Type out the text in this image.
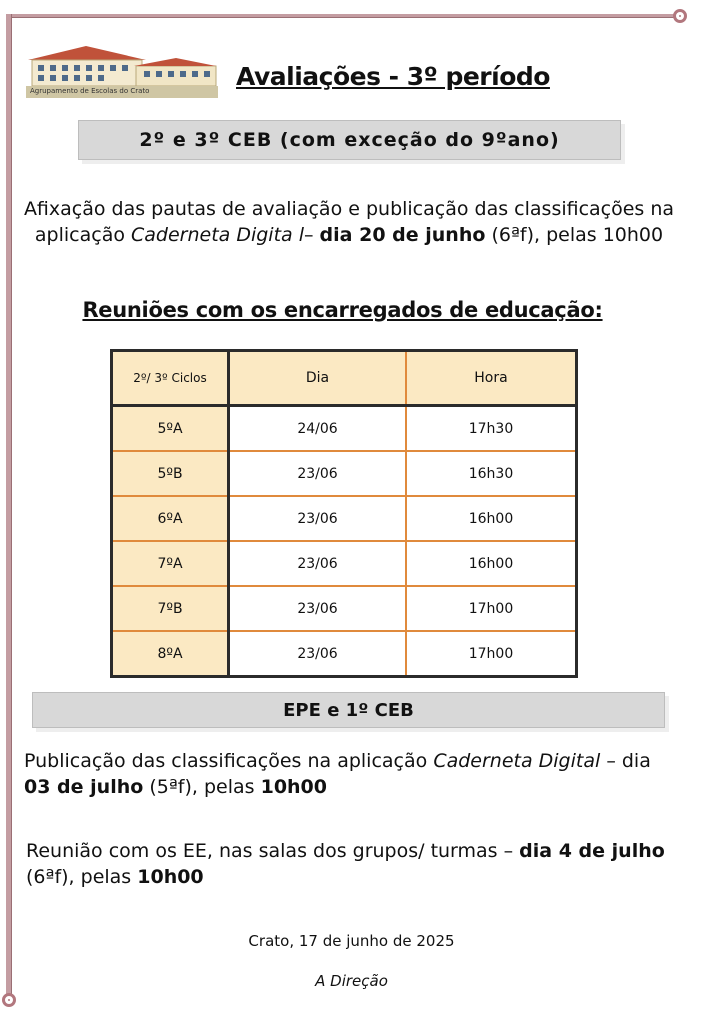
Agrupamento de Escolas do Crato	Avaliações - 3º período
2º e 3º CEB (com exceção do 9ºano)
Afixação das pautas de avaliação e publicação das classificações na aplicação Caderneta Digita l– dia 20 de junho (6ªf), pelas 10h00
Reuniões com os encarregados de educação:
2º/ 3º Ciclos	Dia	Hora
5ºA	24/06	17h30
5ºB	23/06	16h30
6ºA	23/06	16h00
7ºA	23/06	16h00
7ºB	23/06	17h00
8ºA	23/06	17h00
EPE e 1º CEB
Publicação das classificações na aplicação Caderneta Digital – dia 03 de julho (5ªf), pelas 10h00
Reunião com os EE, nas salas dos grupos/ turmas – dia 4 de julho (6ªf), pelas 10h00
Crato, 17 de junho de 2025
A Direção
